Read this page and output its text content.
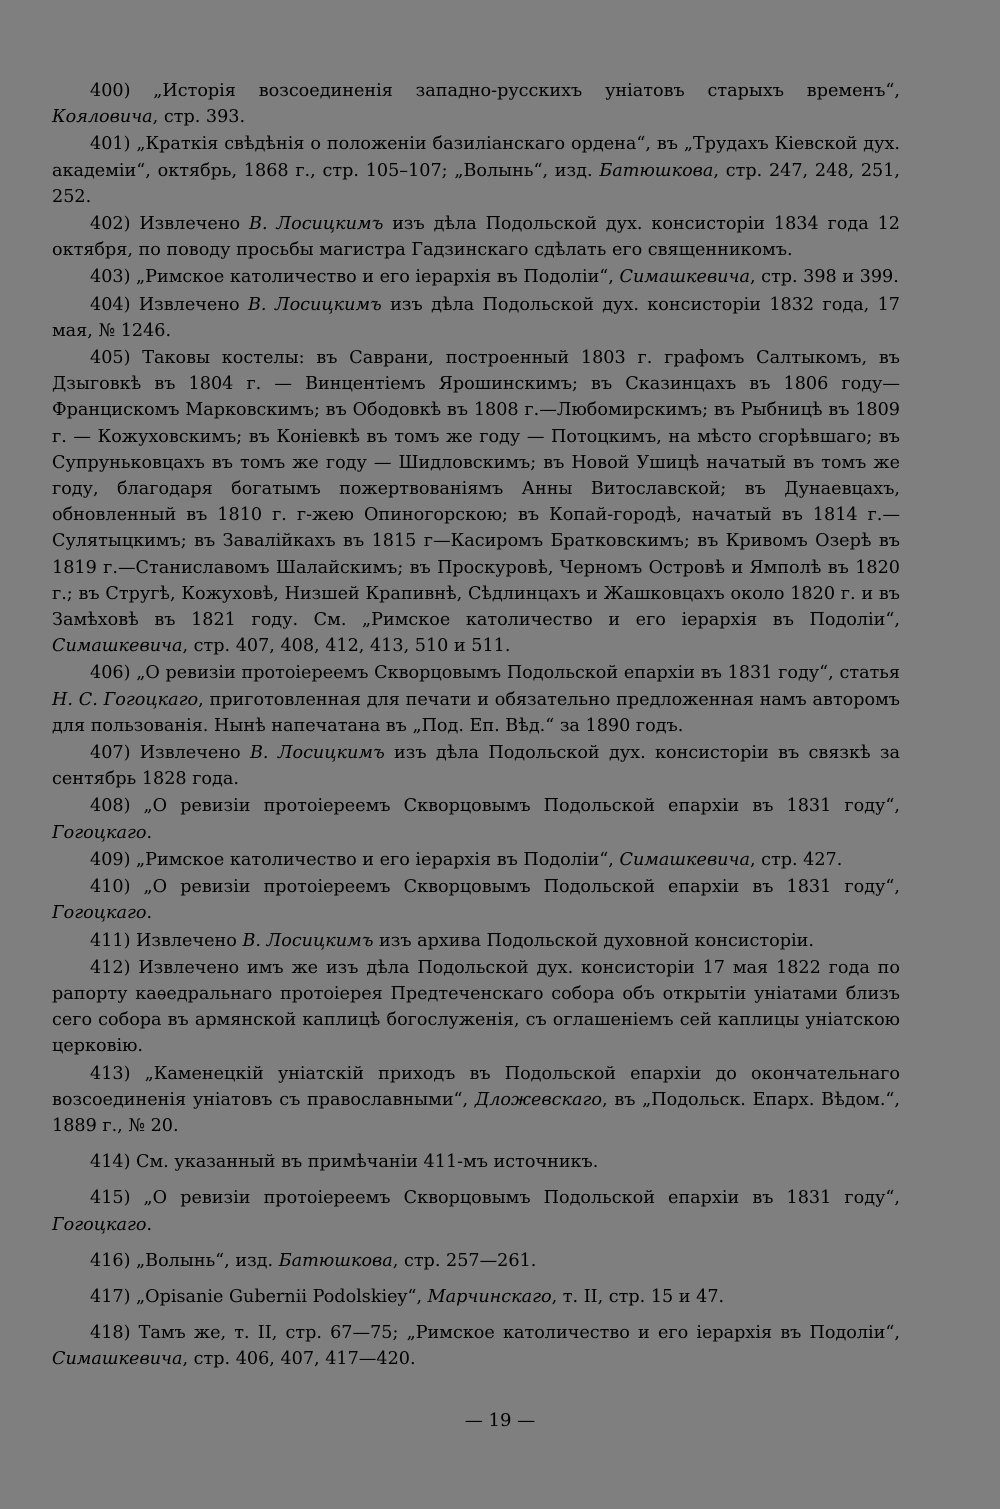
400) „Исторія возсоединенія западно-русскихъ уніатовъ старыхъ временъ“, Кояловича, стр. 393.

401) „Краткія свѣдѣнія о положеніи базиліанскаго ордена“, въ „Трудахъ Кіевской дух. академіи“, октябрь, 1868 г., стр. 105–107; „Волынь“, изд. Батюшкова, стр. 247, 248, 251, 252.

402) Извлечено В. Лосицкимъ изъ дѣла Подольской дух. консисторіи 1834 года 12 октября, по поводу просьбы магистра Гадзинскаго сдѣлать его священникомъ.

403) „Римское католичество и его іерархія въ Подоліи“, Симашкевича, стр. 398 и 399.

404) Извлечено В. Лосицкимъ изъ дѣла Подольской дух. консисторіи 1832 года, 17 мая, № 1246.

405) Таковы костелы: въ Саврани, построенный 1803 г. графомъ Салтыкомъ, въ Дзыговкѣ въ 1804 г. — Винцентіемъ Ярошинскимъ; въ Сказинцахъ въ 1806 году—Францискомъ Марковскимъ; въ Ободовкѣ въ 1808 г.—Любомирскимъ; въ Рыбницѣ въ 1809 г. — Кожуховскимъ; въ Коніевкѣ въ томъ же году — Потоцкимъ, на мѣсто сгорѣвшаго; въ Супруньковцахъ въ томъ же году — Шидловскимъ; въ Новой Ушицѣ начатый въ томъ же году, благодаря богатымъ пожертвованіямъ Анны Витославской; въ Дунаевцахъ, обновленный въ 1810 г. г-жею Опиногорскою; въ Копай-городѣ, начатый въ 1814 г.—Сулятыцкимъ; въ Завалійкахъ въ 1815 г—Касиромъ Братковскимъ; въ Кривомъ Озерѣ въ 1819 г.—Станиславомъ Шалайскимъ; въ Проскуровѣ, Черномъ Островѣ и Ямполѣ въ 1820 г.; въ Стругѣ, Кожуховѣ, Низшей Крапивнѣ, Сѣдлинцахъ и Жашковцахъ около 1820 г. и въ Замѣховѣ въ 1821 году. См. „Римское католичество и его іерархія въ Подоліи“, Симашкевича, стр. 407, 408, 412, 413, 510 и 511.

406) „О ревизіи протоіереемъ Скворцовымъ Подольской епархіи въ 1831 году“, статья Н. С. Гогоцкаго, приготовленная для печати и обязательно предложенная намъ авторомъ для пользованія. Нынѣ напечатана въ „Под. Еп. Вѣд.“ за 1890 годъ.

407) Извлечено В. Лосицкимъ изъ дѣла Подольской дух. консисторіи въ связкѣ за сентябрь 1828 года.

408) „О ревизіи протоіереемъ Скворцовымъ Подольской епархіи въ 1831 году“, Гогоцкаго.

409) „Римское католичество и его іерархія въ Подоліи“, Симашкевича, стр. 427.

410) „О ревизіи протоіереемъ Скворцовымъ Подольской епархіи въ 1831 году“, Гогоцкаго.

411) Извлечено В. Лосицкимъ изъ архива Подольской духовной консисторіи.

412) Извлечено имъ же изъ дѣла Подольской дух. консисторіи 17 мая 1822 года по рапорту каѳедральнаго протоіерея Предтеченскаго собора объ открытіи уніатами близъ сего собора въ армянской каплицѣ богослуженія, съ оглашеніемъ сей каплицы уніатскою церковію.

413) „Каменецкій уніатскій приходъ въ Подольской епархіи до окончательнаго возсоединенія уніатовъ съ православными“, Дложевскаго, въ „Подольск. Епарх. Вѣдом.“, 1889 г., № 20.

414) См. указанный въ примѣчаніи 411-мъ источникъ.

415) „О ревизіи протоіереемъ Скворцовымъ Подольской епархіи въ 1831 году“, Гогоцкаго.

416) „Волынь“, изд. Батюшкова, стр. 257—261.

417) „Opisanie Gubernii Podolskiey“, Марчинскаго, т. II, стр. 15 и 47.

418) Тамъ же, т. II, стр. 67—75; „Римское католичество и его іерархія въ Подоліи“, Симашкевича, стр. 406, 407, 417—420.

— 19 —
